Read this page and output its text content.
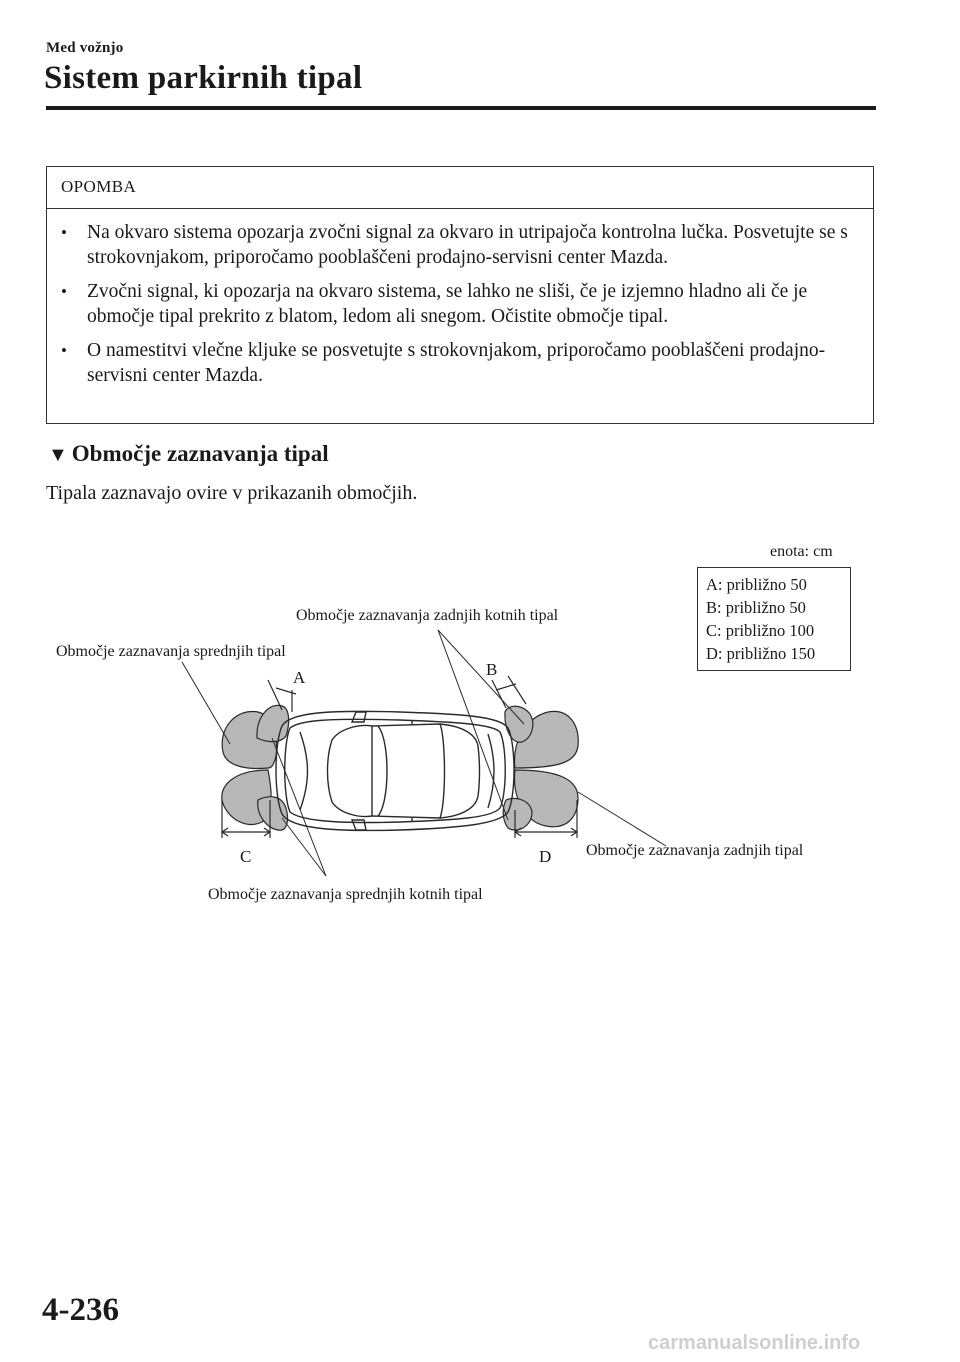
Med vožnjo
Sistem parkirnih tipal
OPOMBA
• Na okvaro sistema opozarja zvočni signal za okvaro in utripajoča kontrolna lučka. Posvetujte se s strokovnjakom, priporočamo pooblaščeni prodajno-servisni center Mazda.
• Zvočni signal, ki opozarja na okvaro sistema, se lahko ne sliši, če je izjemno hladno ali če je območje tipal prekrito z blatom, ledom ali snegom. Očistite območje tipal.
• O namestitvi vlečne kljuke se posvetujte s strokovnjakom, priporočamo pooblaščeni prodajno-servisni center Mazda.
▼ Območje zaznavanja tipal
Tipala zaznavajo ovire v prikazanih območjih.
enota: cm
A: približno 50
B: približno 50
C: približno 100
D: približno 150
Območje zaznavanja sprednjih tipal
Območje zaznavanja zadnjih kotnih tipal
Območje zaznavanja zadnjih tipal
Območje zaznavanja sprednjih kotnih tipal
A	B
C	D
4-236
carmanualsonline.info
